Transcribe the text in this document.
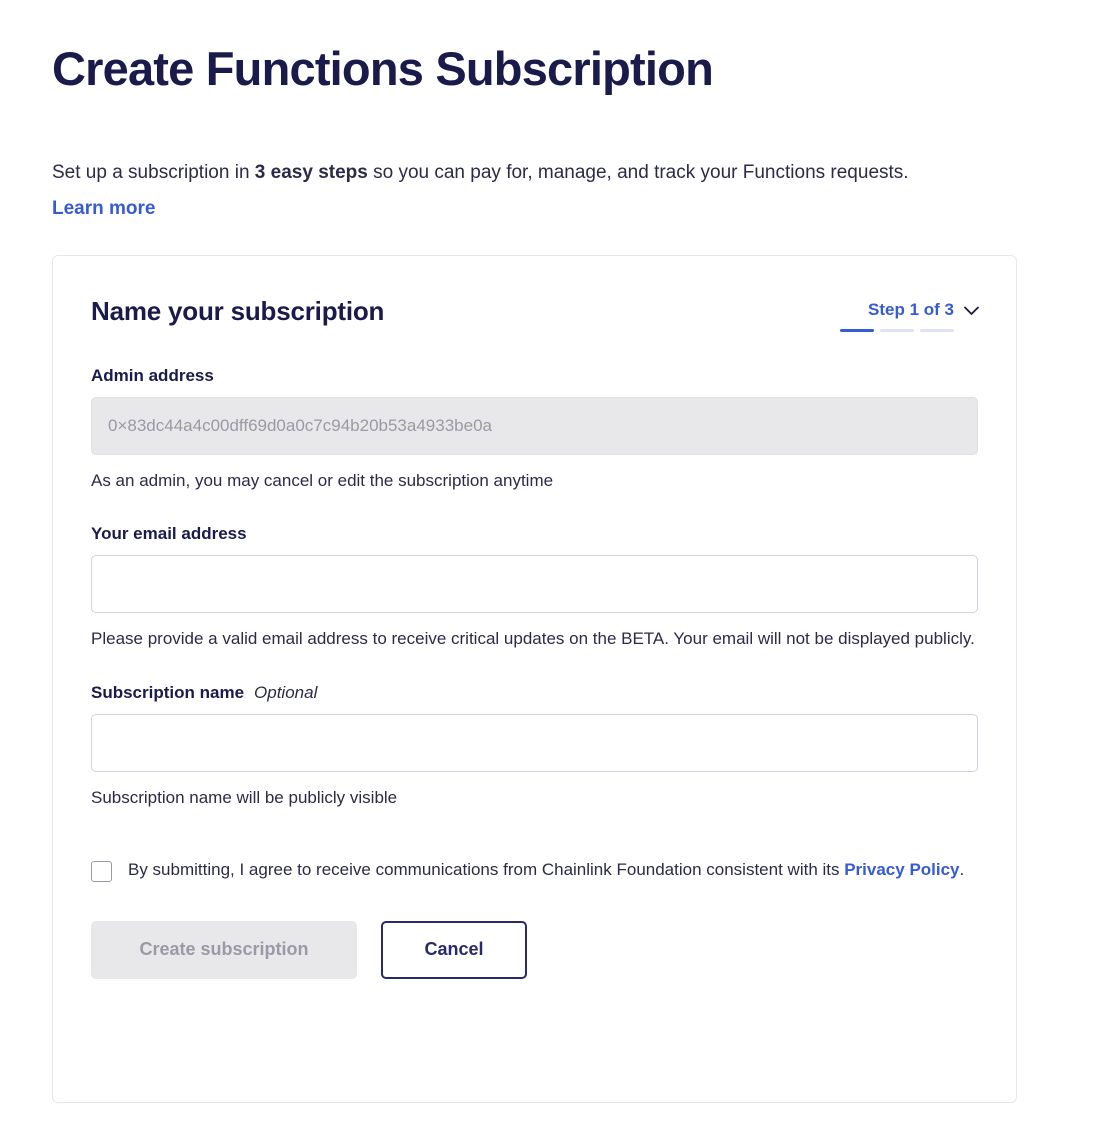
Create Functions Subscription
Set up a subscription in 3 easy steps so you can pay for, manage, and track your Functions requests. Learn more
Name your subscription	Step 1 of 3

Admin address

0×83dc44a4c00dff69d0a0c7c94b20b53a4933be0a

As an admin, you may cancel or edit the subscription anytime

Your email address

Please provide a valid email address to receive critical updates on the BETA. Your email will not be displayed publicly.

Subscription name Optional

Subscription name will be publicly visible

By submitting, I agree to receive communications from Chainlink Foundation consistent with its Privacy Policy.
Create subscription	Cancel
